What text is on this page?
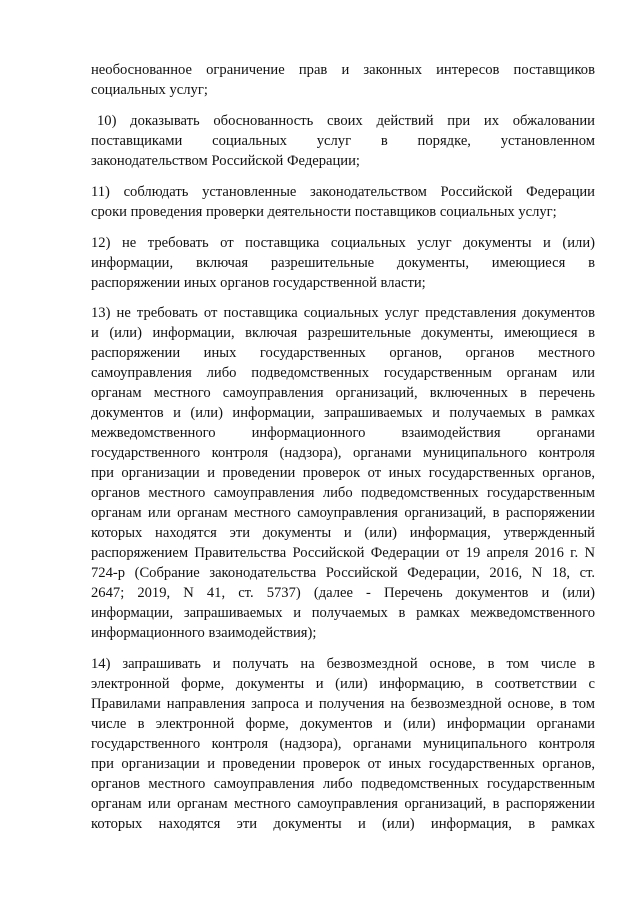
необоснованное ограничение прав и законных интересов поставщиков
социальных услуг;
10) доказывать обоснованность своих действий при их обжаловании
поставщиками социальных услуг в порядке, установленном
законодательством Российской Федерации;
11) соблюдать установленные законодательством Российской Федерации
сроки проведения проверки деятельности поставщиков социальных услуг;
12) не требовать от поставщика социальных услуг документы и (или)
информации, включая разрешительные документы, имеющиеся в
распоряжении иных органов государственной власти;
13) не требовать от поставщика социальных услуг представления документов
и (или) информации, включая разрешительные документы, имеющиеся в
распоряжении иных государственных органов, органов местного
самоуправления либо подведомственных государственным органам или
органам местного самоуправления организаций, включенных в перечень
документов и (или) информации, запрашиваемых и получаемых в рамках
межведомственного информационного взаимодействия органами
государственного контроля (надзора), органами муниципального контроля
при организации и проведении проверок от иных государственных органов,
органов местного самоуправления либо подведомственных государственным
органам или органам местного самоуправления организаций, в распоряжении
которых находятся эти документы и (или) информация, утвержденный
распоряжением Правительства Российской Федерации от 19 апреля 2016 г. N
724-р (Собрание законодательства Российской Федерации, 2016, N 18, ст.
2647; 2019, N 41, ст. 5737) (далее - Перечень документов и (или)
информации, запрашиваемых и получаемых в рамках межведомственного
информационного взаимодействия);
14) запрашивать и получать на безвозмездной основе, в том числе в
электронной форме, документы и (или) информацию, в соответствии с
Правилами направления запроса и получения на безвозмездной основе, в том
числе в электронной форме, документов и (или) информации органами
государственного контроля (надзора), органами муниципального контроля
при организации и проведении проверок от иных государственных органов,
органов местного самоуправления либо подведомственных государственным
органам или органам местного самоуправления организаций, в распоряжении
которых находятся эти документы и (или) информация, в рамках
